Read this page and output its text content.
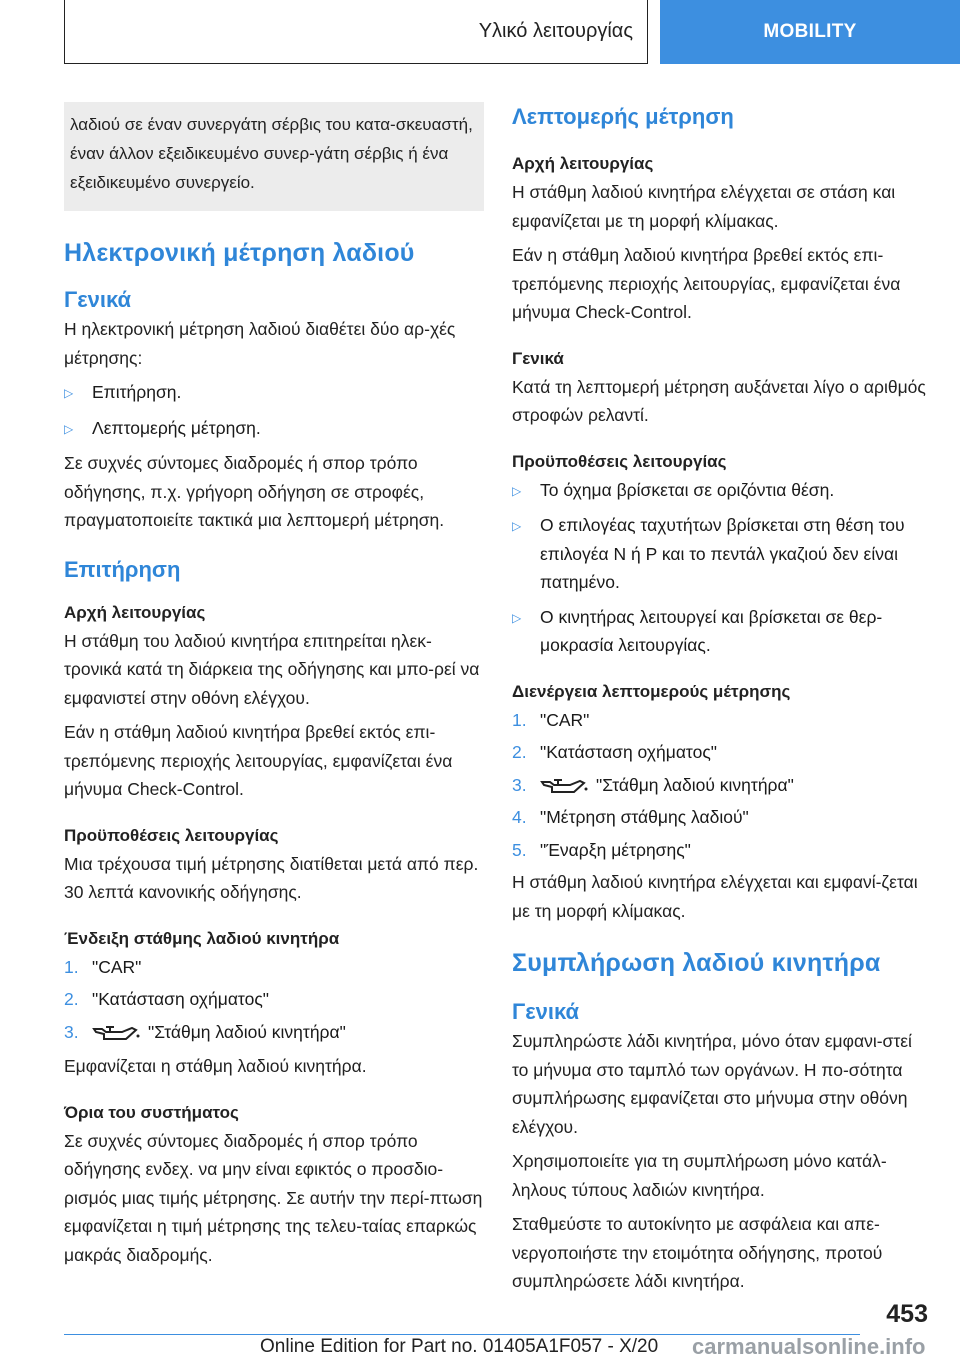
Υλικό λειτουργίας	MOBILITY
λαδιού σε έναν συνεργάτη σέρβις του κατα-σκευαστή, έναν άλλον εξειδικευμένο συνερ-γάτη σέρβις ή ένα εξειδικευμένο συνεργείο.
Ηλεκτρονική μέτρηση λαδιού
Γενικά

Η ηλεκτρονική μέτρηση λαδιού διαθέτει δύο αρ-χές μέτρησης:

▷	Επιτήρηση.
▷	Λεπτομερής μέτρηση.

Σε συχνές σύντομες διαδρομές ή σπορ τρόπο οδήγησης, π.χ. γρήγορη οδήγηση σε στροφές, πραγματοποιείτε τακτικά μια λεπτομερή μέτρηση.

Επιτήρηση
Αρχή λειτουργίας

Η στάθμη του λαδιού κινητήρα επιτηρείται ηλεκ-τρονικά κατά τη διάρκεια της οδήγησης και μπο-ρεί να εμφανιστεί στην οθόνη ελέγχου.

Εάν η στάθμη λαδιού κινητήρα βρεθεί εκτός επι-τρεπόμενης περιοχής λειτουργίας, εμφανίζεται ένα μήνυμα Check-Control.

Προϋποθέσεις λειτουργίας

Μια τρέχουσα τιμή μέτρησης διατίθεται μετά από περ. 30 λεπτά κανονικής οδήγησης.

Ένδειξη στάθμης λαδιού κινητήρα
1. "CAR"
2. "Κατάσταση οχήματος"
3.	"Στάθμη λαδιού κινητήρα"

Εμφανίζεται η στάθμη λαδιού κινητήρα.

Όρια του συστήματος

Σε συχνές σύντομες διαδρομές ή σπορ τρόπο οδήγησης ενδεχ. να μην είναι εφικτός ο προσδιο-ρισμός μιας τιμής μέτρησης. Σε αυτήν την περί-πτωση εμφανίζεται η τιμή μέτρησης της τελευ-ταίας επαρκώς μακράς διαδρομής.

Λεπτομερής μέτρηση
Αρχή λειτουργίας

Η στάθμη λαδιού κινητήρα ελέγχεται σε στάση και εμφανίζεται με τη μορφή κλίμακας.

Εάν η στάθμη λαδιού κινητήρα βρεθεί εκτός επι-τρεπόμενης περιοχής λειτουργίας, εμφανίζεται ένα μήνυμα Check-Control.

Γενικά

Κατά τη λεπτομερή μέτρηση αυξάνεται λίγο ο αριθμός στροφών ρελαντί.

Προϋποθέσεις λειτουργίας
▷	Το όχημα βρίσκεται σε οριζόντια θέση.
▷	Ο επιλογέας ταχυτήτων βρίσκεται στη θέση του επιλογέα N ή P και το πεντάλ γκαζιού δεν είναι πατημένο.
▷	Ο κινητήρας λειτουργεί και βρίσκεται σε θερ-μοκρασία λειτουργίας.
Διενέργεια λεπτομερούς μέτρησης
1. "CAR"
2. "Κατάσταση οχήματος"
3.	"Στάθμη λαδιού κινητήρα"
4. "Μέτρηση στάθμης λαδιού"
5. "Έναρξη μέτρησης"

Η στάθμη λαδιού κινητήρα ελέγχεται και εμφανί-ζεται με τη μορφή κλίμακας.

Συμπλήρωση λαδιού κινητήρα
Γενικά

Συμπληρώστε λάδι κινητήρα, μόνο όταν εμφανι-στεί το μήνυμα στο ταμπλό των οργάνων. Η πο-σότητα συμπλήρωσης εμφανίζεται στο μήνυμα στην οθόνη ελέγχου.

Χρησιμοποιείτε για τη συμπλήρωση μόνο κατάλ-ληλους τύπους λαδιών κινητήρα.

Σταθμεύστε το αυτοκίνητο με ασφάλεια και απε-νεργοποιήστε την ετοιμότητα οδήγησης, προτού συμπληρώσετε λάδι κινητήρα.

453
Online Edition for Part no. 01405A1F057 - X/20 carmanualsonline.info
